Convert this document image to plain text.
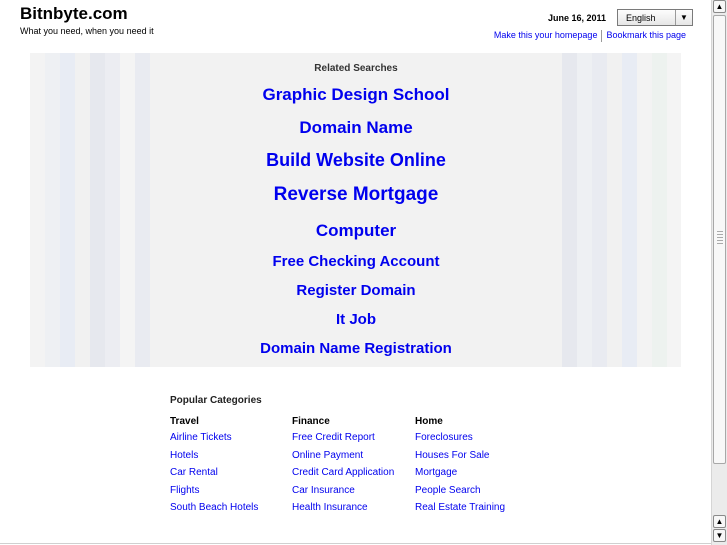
Bitnbyte.com
What you need, when you need it
June 16, 2011 English	▼
Make this your homepage Bookmark this page
Related Searches
Graphic Design School
Domain Name
Build Website Online
Reverse Mortgage
Computer
Free Checking Account
Register Domain
It Job
Domain Name Registration
Popular Categories
Travel
Airline Tickets
Hotels
Car Rental
Flights
South Beach Hotels
Finance
Free Credit Report
Online Payment
Credit Card Application
Car Insurance
Health Insurance
Home
Foreclosures
Houses For Sale
Mortgage
People Search
Real Estate Training
▲
▲
▼
